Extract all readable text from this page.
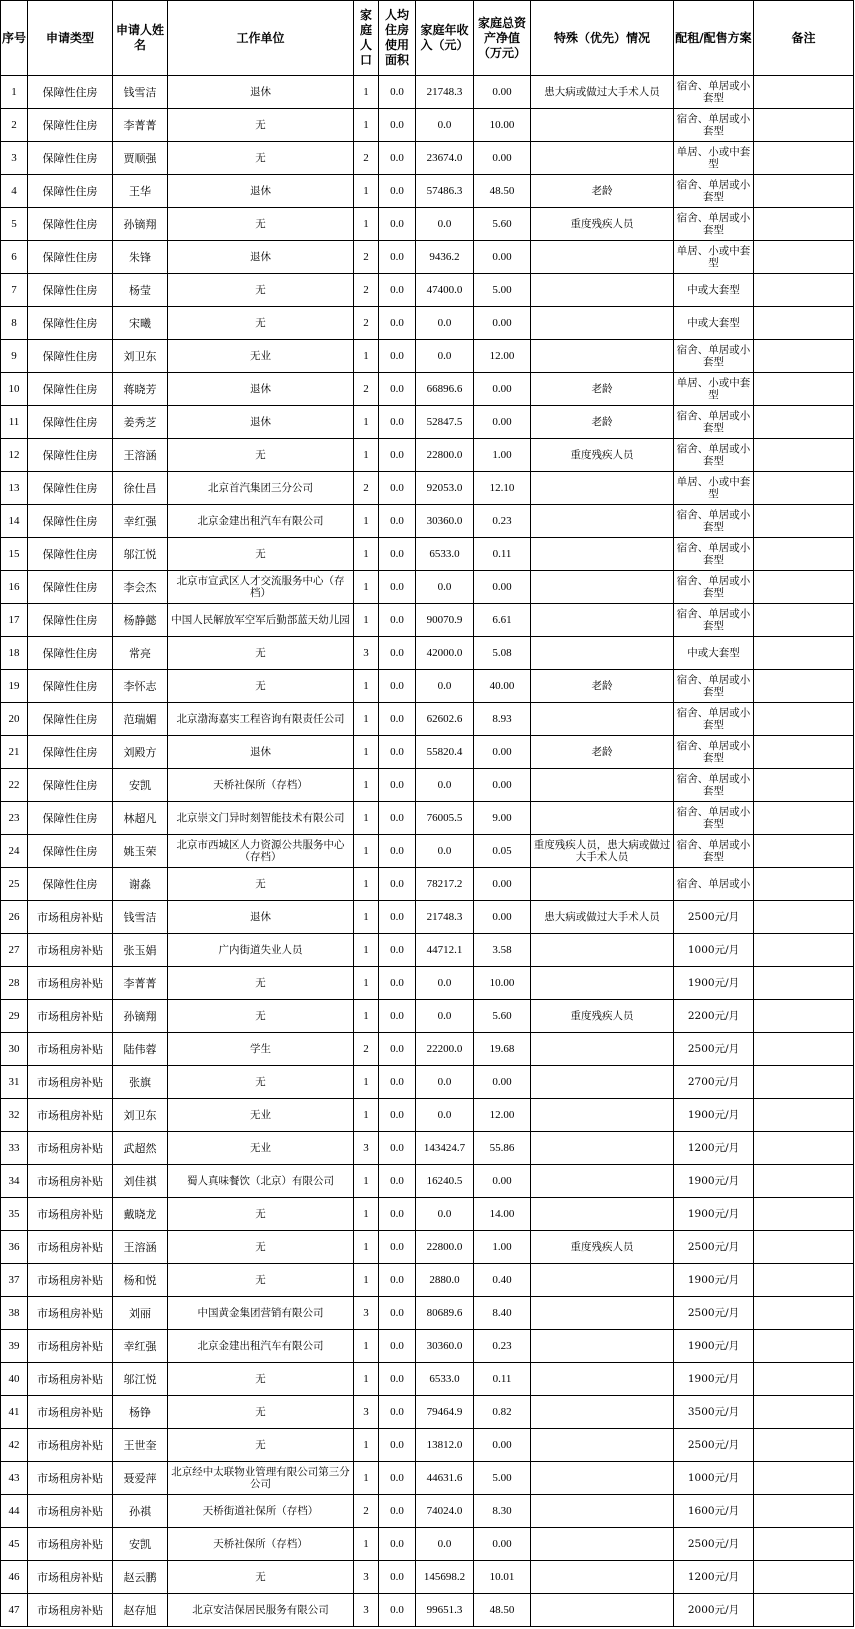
序号	申请类型	申请人姓名	工作单位	家庭人口	人均住房使用面积	家庭年收入（元）	家庭总资产净值（万元）	特殊（优先）情况	配租/配售方案	备注
1	保障性住房	钱雪洁	退休	1	0.0	21748.3	0.00	患大病或做过大手术人员	宿舍、单居或小套型	
2	保障性住房	李菁菁	无	1	0.0	0.0	10.00		宿舍、单居或小套型	
3	保障性住房	贾顺强	无	2	0.0	23674.0	0.00		单居、小或中套型	
4	保障性住房	王华	退休	1	0.0	57486.3	48.50	老龄	宿舍、单居或小套型	
5	保障性住房	孙镝翔	无	1	0.0	0.0	5.60	重度残疾人员	宿舍、单居或小套型	
6	保障性住房	朱锋	退休	2	0.0	9436.2	0.00		单居、小或中套型	
7	保障性住房	杨莹	无	2	0.0	47400.0	5.00		中或大套型	
8	保障性住房	宋曦	无	2	0.0	0.0	0.00		中或大套型	
9	保障性住房	刘卫东	无业	1	0.0	0.0	12.00		宿舍、单居或小套型	
10	保障性住房	蒋晓芳	退休	2	0.0	66896.6	0.00	老龄	单居、小或中套型	
11	保障性住房	姜秀芝	退休	1	0.0	52847.5	0.00	老龄	宿舍、单居或小套型	
12	保障性住房	王溶涵	无	1	0.0	22800.0	1.00	重度残疾人员	宿舍、单居或小套型	
13	保障性住房	徐仕昌	北京首汽集团三分公司	2	0.0	92053.0	12.10		单居、小或中套型	
14	保障性住房	幸红强	北京金建出租汽车有限公司	1	0.0	30360.0	0.23		宿舍、单居或小套型	
15	保障性住房	邬江悦	无	1	0.0	6533.0	0.11		宿舍、单居或小套型	
16	保障性住房	李会杰	北京市宣武区人才交流服务中心（存档）	1	0.0	0.0	0.00		宿舍、单居或小套型	
17	保障性住房	杨静懿	中国人民解放军空军后勤部蓝天幼儿园	1	0.0	90070.9	6.61		宿舍、单居或小套型	
18	保障性住房	常亮	无	3	0.0	42000.0	5.08		中或大套型	
19	保障性住房	李怀志	无	1	0.0	0.0	40.00	老龄	宿舍、单居或小套型	
20	保障性住房	范瑞媚	北京渤海嘉实工程咨询有限责任公司	1	0.0	62602.6	8.93		宿舍、单居或小套型	
21	保障性住房	刘殿方	退休	1	0.0	55820.4	0.00	老龄	宿舍、单居或小套型	
22	保障性住房	安凯	天桥社保所（存档）	1	0.0	0.0	0.00		宿舍、单居或小套型	
23	保障性住房	林超凡	北京崇文门异时刻智能技术有限公司	1	0.0	76005.5	9.00		宿舍、单居或小套型	
24	保障性住房	姚玉荣	北京市西城区人力资源公共服务中心（存档）	1	0.0	0.0	0.05	重度残疾人员，患大病或做过大手术人员	宿舍、单居或小套型	
25	保障性住房	谢淼	无	1	0.0	78217.2	0.00		宿舍、单居或小	
26	市场租房补贴	钱雪洁	退休	1	0.0	21748.3	0.00	患大病或做过大手术人员	2500元/月	
27	市场租房补贴	张玉娟	广内街道失业人员	1	0.0	44712.1	3.58		1000元/月	
28	市场租房补贴	李菁菁	无	1	0.0	0.0	10.00		1900元/月	
29	市场租房补贴	孙镝翔	无	1	0.0	0.0	5.60	重度残疾人员	2200元/月	
30	市场租房补贴	陆伟蓉	学生	2	0.0	22200.0	19.68		2500元/月	
31	市场租房补贴	张旗	无	1	0.0	0.0	0.00		2700元/月	
32	市场租房补贴	刘卫东	无业	1	0.0	0.0	12.00		1900元/月	
33	市场租房补贴	武超然	无业	3	0.0	143424.7	55.86		1200元/月	
34	市场租房补贴	刘佳祺	蜀人真味餐饮（北京）有限公司	1	0.0	16240.5	0.00		1900元/月	
35	市场租房补贴	戴晓龙	无	1	0.0	0.0	14.00		1900元/月	
36	市场租房补贴	王溶涵	无	1	0.0	22800.0	1.00	重度残疾人员	2500元/月	
37	市场租房补贴	杨和悦	无	1	0.0	2880.0	0.40		1900元/月	
38	市场租房补贴	刘丽	中国黄金集团营销有限公司	3	0.0	80689.6	8.40		2500元/月	
39	市场租房补贴	幸红强	北京金建出租汽车有限公司	1	0.0	30360.0	0.23		1900元/月	
40	市场租房补贴	邬江悦	无	1	0.0	6533.0	0.11		1900元/月	
41	市场租房补贴	杨铮	无	3	0.0	79464.9	0.82		3500元/月	
42	市场租房补贴	王世奎	无	1	0.0	13812.0	0.00		2500元/月	
43	市场租房补贴	聂爱萍	北京经中太联物业管理有限公司第三分公司	1	0.0	44631.6	5.00		1000元/月	
44	市场租房补贴	孙祺	天桥街道社保所（存档）	2	0.0	74024.0	8.30		1600元/月	
45	市场租房补贴	安凯	天桥社保所（存档）	1	0.0	0.0	0.00		2500元/月	
46	市场租房补贴	赵云鹏	无	3	0.0	145698.2	10.01		1200元/月	
47	市场租房补贴	赵存旭	北京安洁保居民服务有限公司	3	0.0	99651.3	48.50		2000元/月	
